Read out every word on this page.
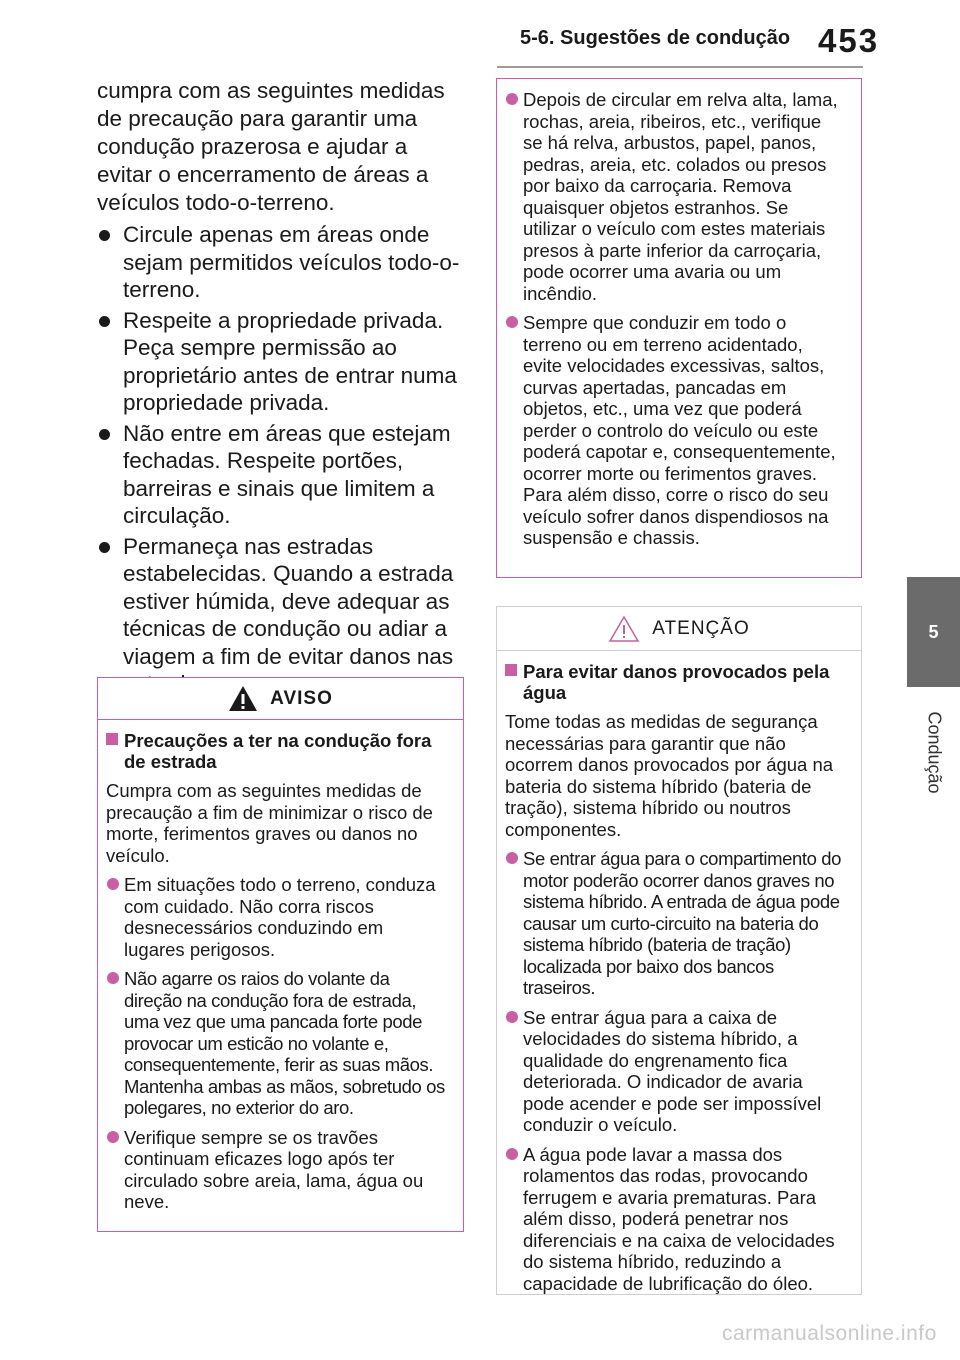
5-6. Sugestões de condução 453
5
Condução

cumpra com as seguintes medidas de precaução para garantir uma condução prazerosa e ajudar a evitar o encerramento de áreas a veículos todo-o-terreno.

Circule apenas em áreas onde sejam permitidos veículos todo-o-terreno.
Respeite a propriedade privada. Peça sempre permissão ao proprietário antes de entrar numa propriedade privada.
Não entre em áreas que estejam fechadas. Respeite portões, barreiras e sinais que limitem a circulação.
Permaneça nas estradas estabelecidas. Quando a estrada estiver húmida, deve adequar as técnicas de condução ou adiar a viagem a fim de evitar danos nas
AVISO
Precauções a ter na condução fora de estrada

Cumpra com as seguintes medidas de precaução a fim de minimizar o risco de morte, ferimentos graves ou danos no veículo.

Em situações todo o terreno, conduza com cuidado. Não corra riscos desnecessários conduzindo em lugares perigosos.
Não agarre os raios do volante da direção na condução fora de estrada, uma vez que uma pancada forte pode provocar um esticão no volante e, consequentemente, ferir as suas mãos. Mantenha ambas as mãos, sobretudo os polegares, no exterior do aro.
Verifique sempre se os travões continuam eficazes logo após ter circulado sobre areia, lama, água ou neve.
Depois de circular em relva alta, lama, rochas, areia, ribeiros, etc., verifique se há relva, arbustos, papel, panos, pedras, areia, etc. colados ou presos por baixo da carroçaria. Remova quaisquer objetos estranhos. Se utilizar o veículo com estes materiais presos à parte inferior da carroçaria, pode ocorrer uma avaria ou um incêndio.
Sempre que conduzir em todo o terreno ou em terreno acidentado, evite velocidades excessivas, saltos, curvas apertadas, pancadas em objetos, etc., uma vez que poderá perder o controlo do veículo ou este poderá capotar e, consequentemente, ocorrer morte ou ferimentos graves. Para além disso, corre o risco do seu veículo sofrer danos dispendiosos na suspensão e chassis.
ATENÇÃO
Para evitar danos provocados pela água

Tome todas as medidas de segurança necessárias para garantir que não ocorrem danos provocados por água na bateria do sistema híbrido (bateria de tração), sistema híbrido ou noutros componentes.

Se entrar água para o compartimento do motor poderão ocorrer danos graves no sistema híbrido. A entrada de água pode causar um curto-circuito na bateria do sistema híbrido (bateria de tração) localizada por baixo dos bancos traseiros.
Se entrar água para a caixa de velocidades do sistema híbrido, a qualidade do engrenamento fica deteriorada. O indicador de avaria pode acender e pode ser impossível conduzir o veículo.
A água pode lavar a massa dos rolamentos das rodas, provocando ferrugem e avaria prematuras. Para além disso, poderá penetrar nos diferenciais e na caixa de velocidades do sistema híbrido, reduzindo a capacidade de lubrificação do óleo.
carmanualsonline.info
